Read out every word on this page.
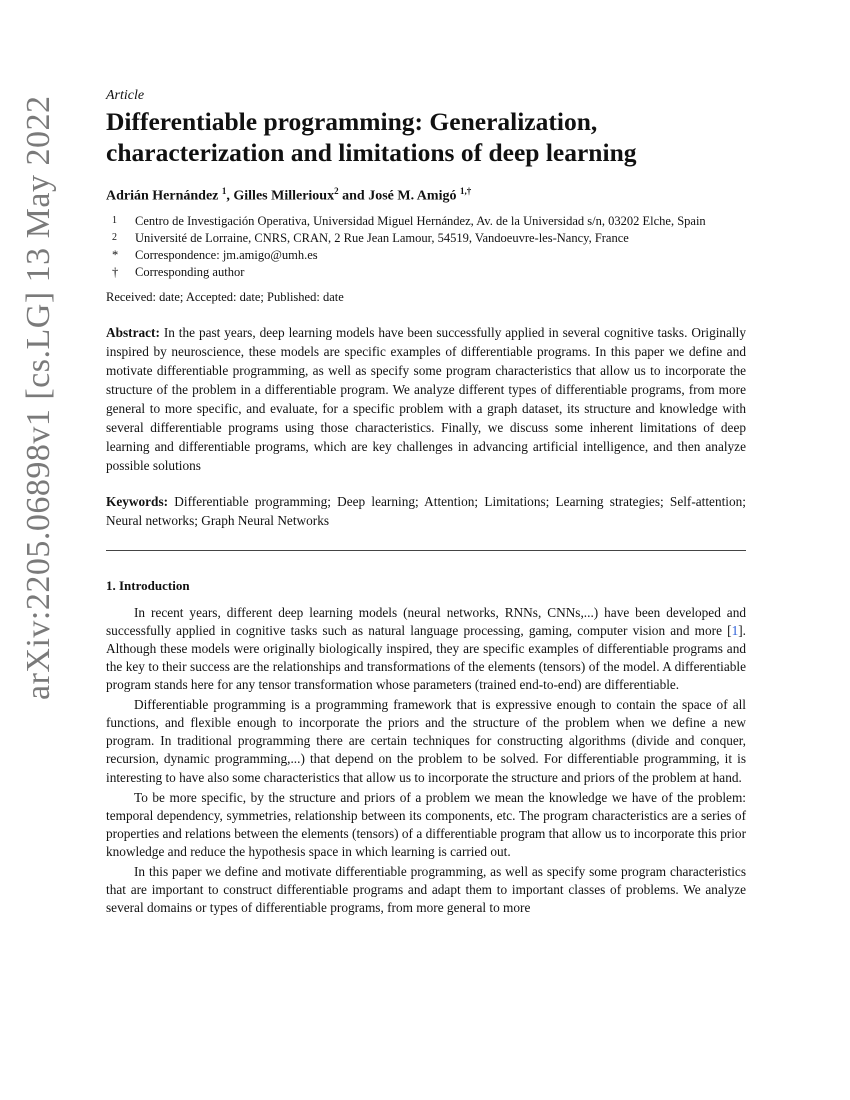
arXiv:2205.06898v1 [cs.LG] 13 May 2022
Article
Differentiable programming: Generalization,
characterization and limitations of deep learning
Adrián Hernández $^1$, Gilles Millerioux$^2$ and José M. Amigó $^{1,\dagger}$
1	Centro de Investigación Operativa, Universidad Miguel Hernández, Av. de la Universidad s/n, 03202 Elche, Spain
2	Université de Lorraine, CNRS, CRAN, 2 Rue Jean Lamour, 54519, Vandoeuvre-les-Nancy, France
*	Correspondence: jm.amigo@umh.es
†	Corresponding author
Received: date; Accepted: date; Published: date
Abstract: In the past years, deep learning models have been successfully applied in several cognitive tasks. Originally inspired by neuroscience, these models are specific examples of differentiable programs. In this paper we define and motivate differentiable programming, as well as specify some program characteristics that allow us to incorporate the structure of the problem in a differentiable program. We analyze different types of differentiable programs, from more general to more specific, and evaluate, for a specific problem with a graph dataset, its structure and knowledge with several differentiable programs using those characteristics. Finally, we discuss some inherent limitations of deep learning and differentiable programs, which are key challenges in advancing artificial intelligence, and then analyze possible solutions
Keywords: Differentiable programming; Deep learning; Attention; Limitations; Learning strategies; Self-attention; Neural networks; Graph Neural Networks
1. Introduction

In recent years, different deep learning models (neural networks, RNNs, CNNs,...) have been developed and successfully applied in cognitive tasks such as natural language processing, gaming, computer vision and more [1]. Although these models were originally biologically inspired, they are specific examples of differentiable programs and the key to their success are the relationships and transformations of the elements (tensors) of the model. A differentiable program stands here for any tensor transformation whose parameters (trained end-to-end) are differentiable.

Differentiable programming is a programming framework that is expressive enough to contain the space of all functions, and flexible enough to incorporate the priors and the structure of the problem when we define a new program. In traditional programming there are certain techniques for constructing algorithms (divide and conquer, recursion, dynamic programming,...) that depend on the problem to be solved. For differentiable programming, it is interesting to have also some characteristics that allow us to incorporate the structure and priors of the problem at hand.

To be more specific, by the structure and priors of a problem we mean the knowledge we have of the problem: temporal dependency, symmetries, relationship between its components, etc. The program characteristics are a series of properties and relations between the elements (tensors) of a differentiable program that allow us to incorporate this prior knowledge and reduce the hypothesis space in which learning is carried out.

In this paper we define and motivate differentiable programming, as well as specify some program characteristics that are important to construct differentiable programs and adapt them to important classes of problems. We analyze several domains or types of differentiable programs, from more general to more
